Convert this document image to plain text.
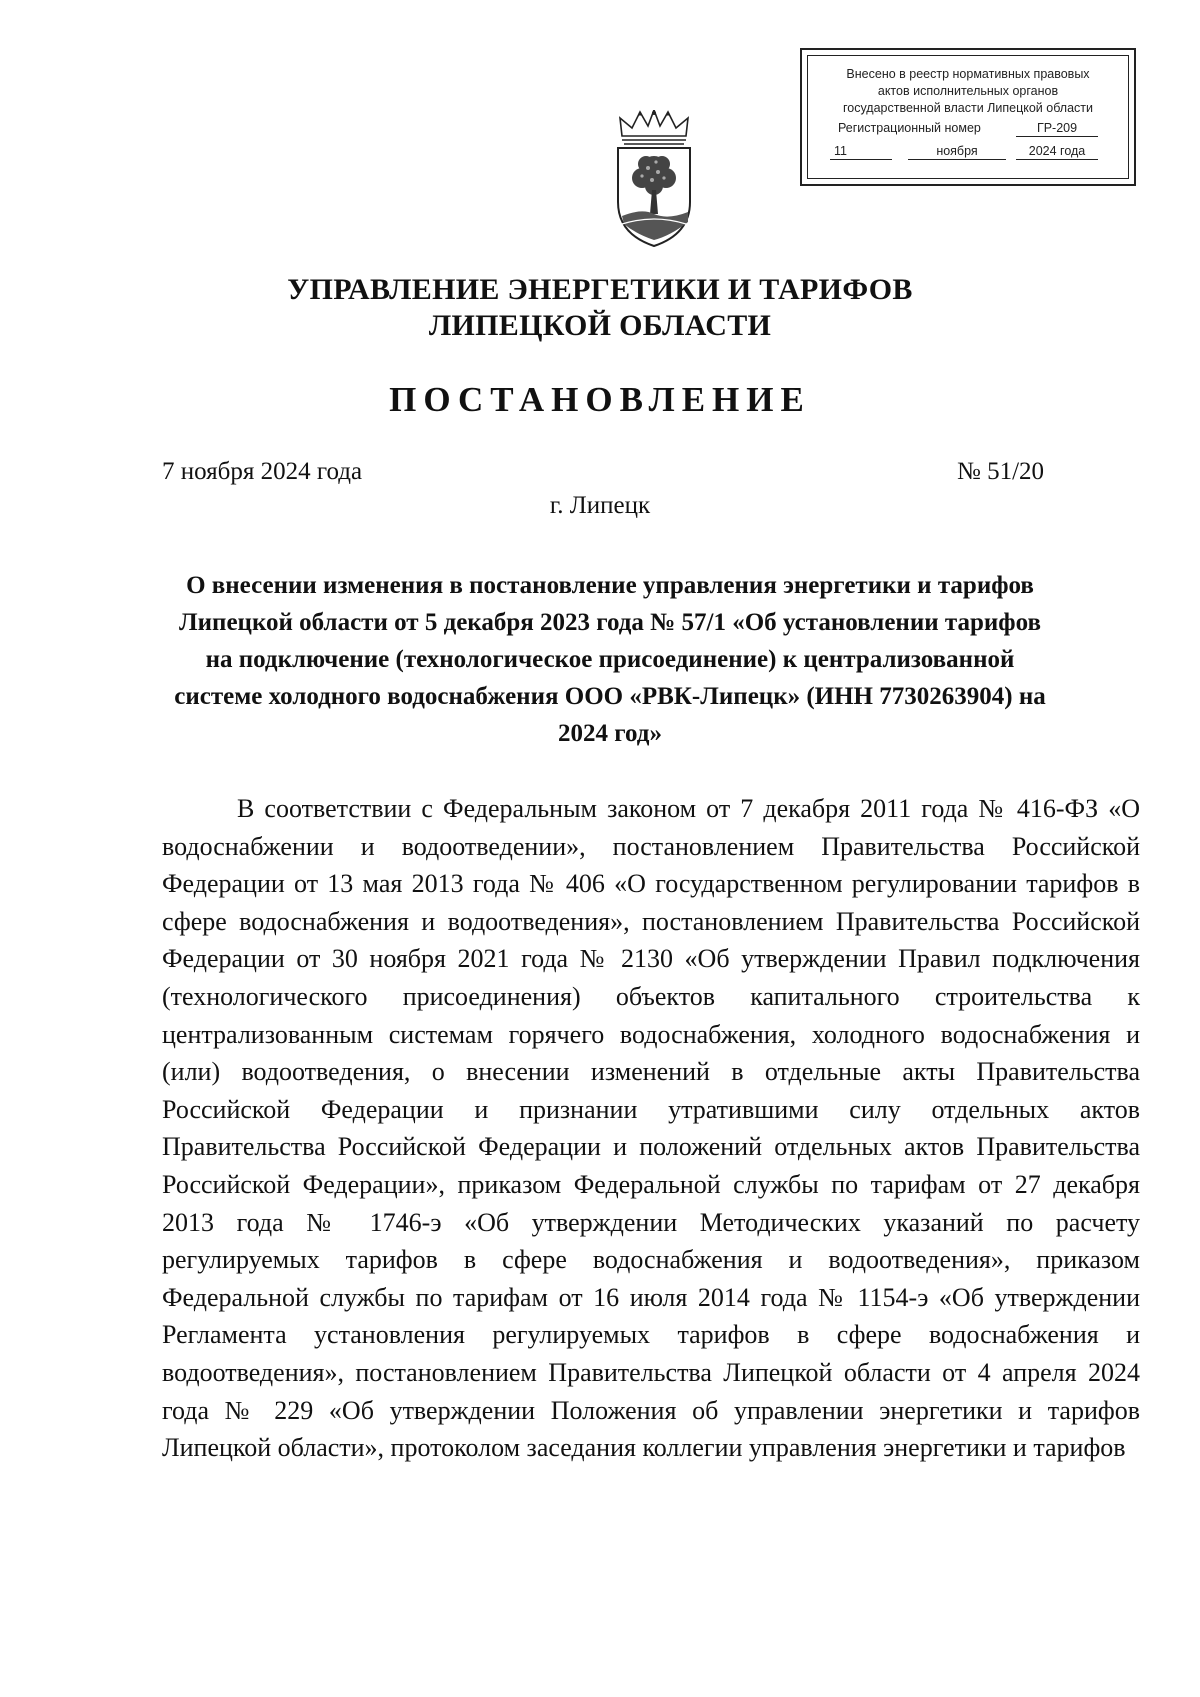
Внесено в реестр нормативных правовых
актов исполнительных органов
государственной власти Липецкой области
Регистрационный номер	ГР-209
11	ноября	2024 года
УПРАВЛЕНИЕ ЭНЕРГЕТИКИ И ТАРИФОВ
ЛИПЕЦКОЙ ОБЛАСТИ
ПОСТАНОВЛЕНИЕ
7 ноября 2024 года	№ 51/20
г. Липецк
О внесении изменения в постановление управления энергетики и тарифов Липецкой области от 5 декабря 2023 года № 57/1 «Об установлении тарифов на подключение (технологическое присоединение) к централизованной системе холодного водоснабжения ООО «РВК-Липецк» (ИНН 7730263904) на 2024 год»
В соответствии с Федеральным законом от 7 декабря 2011 года № 416-ФЗ «О водоснабжении и водоотведении», постановлением Правительства Российской Федерации от 13 мая 2013 года № 406 «О государственном регулировании тарифов в сфере водоснабжения и водоотведения», постановлением Правительства Российской Федерации от 30 ноября 2021 года № 2130 «Об утверждении Правил подключения (технологического присоединения) объектов капитального строительства к централизованным системам горячего водоснабжения, холодного водоснабжения и (или) водоотведения, о внесении изменений в отдельные акты Правительства Российской Федерации и признании утратившими силу отдельных актов Правительства Российской Федерации и положений отдельных актов Правительства Российской Федерации», приказом Федеральной службы по тарифам от 27 декабря 2013 года № 1746-э «Об утверждении Методических указаний по расчету регулируемых тарифов в сфере водоснабжения и водоотведения», приказом Федеральной службы по тарифам от 16 июля 2014 года № 1154-э «Об утверждении Регламента установления регулируемых тарифов в сфере водоснабжения и водоотведения», постановлением Правительства Липецкой области от 4 апреля 2024 года № 229 «Об утверждении Положения об управлении энергетики и тарифов Липецкой области», протоколом заседания коллегии управления энергетики и тарифов
